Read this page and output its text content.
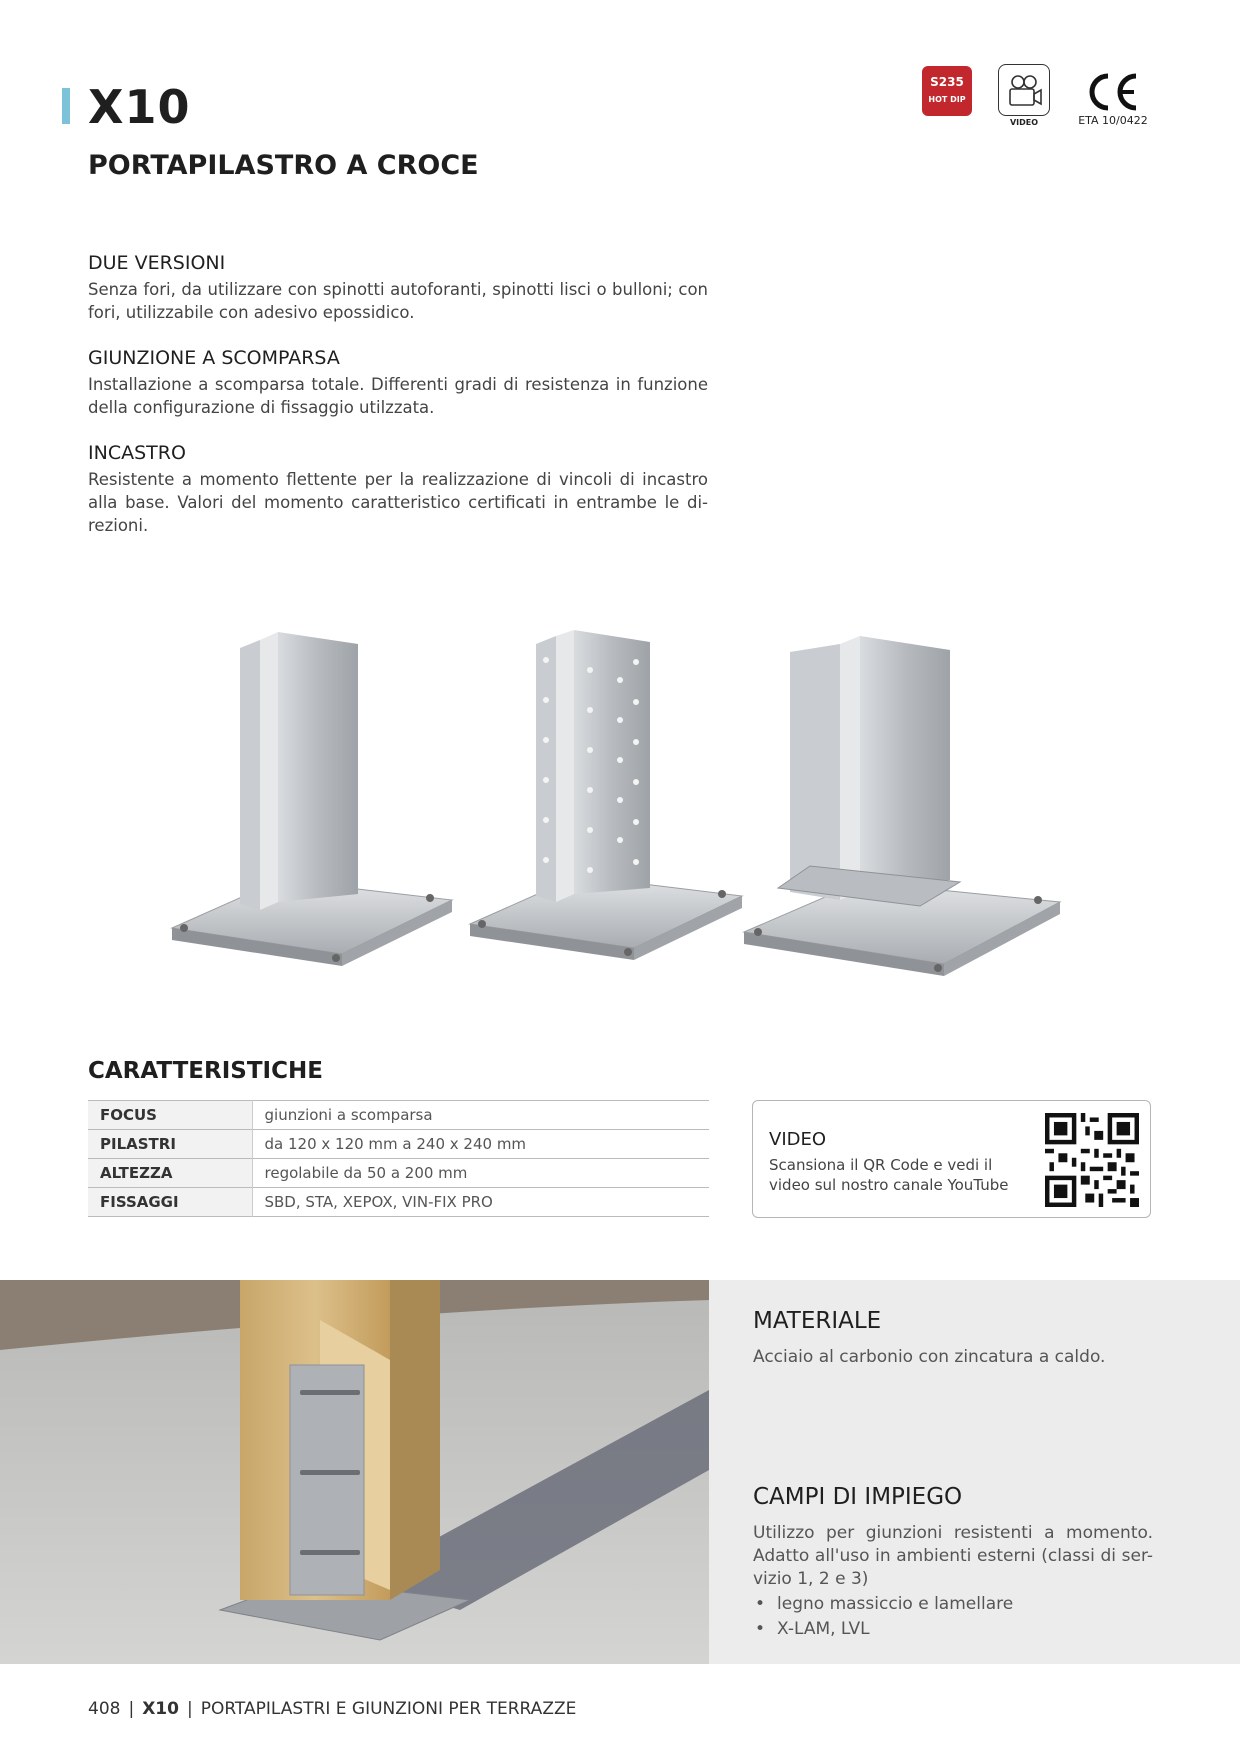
X10
PORTAPILASTRO A CROCE
S235
HOT DIP
VIDEO	ETA 10/0422
DUE VERSIONI

Senza fori, da utilizzare con spinotti autoforanti, spinotti lisci o bulloni; con fori, utilizzabile con adesivo epossidico.

GIUNZIONE A SCOMPARSA

Installazione a scomparsa totale. Differenti gradi di resistenza in funzione della configurazione di fissaggio utilzzata.

INCASTRO

Resistente a momento flettente per la realizzazione di vincoli di incastro alla base. Valori del momento caratteristico certificati in entrambe le di-rezioni.

CARATTERISTICHE
FOCUS	giunzioni a scomparsa
PILASTRI	da 120 x 120 mm a 240 x 240 mm
ALTEZZA	regolabile da 50 a 200 mm
FISSAGGI	SBD, STA, XEPOX, VIN-FIX PRO
VIDEO

Scansiona il QR Code e vedi il video sul nostro canale YouTube

MATERIALE

Acciaio al carbonio con zincatura a caldo.

CAMPI DI IMPIEGO

Utilizzo per giunzioni resistenti a momento. Adatto all'uso in ambienti esterni (classi di ser-vizio 1, 2 e 3)

• legno massiccio e lamellare
• X-LAM, LVL
408 | X10 | PORTAPILASTRI E GIUNZIONI PER TERRAZZE
